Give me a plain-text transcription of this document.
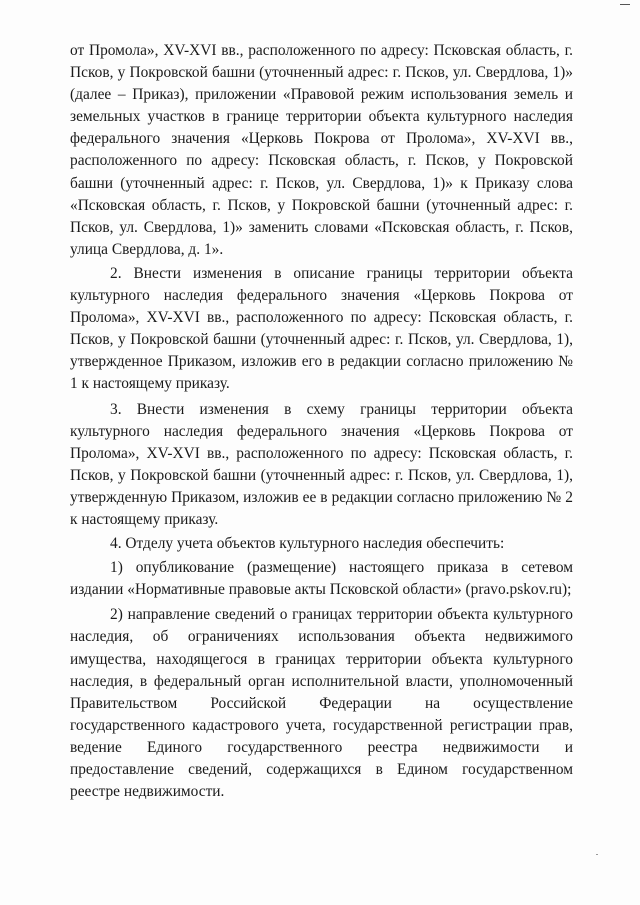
от Промола», XV-XVI вв., расположенного по адресу: Псковская область, г. Псков, у Покровской башни (уточненный адрес: г. Псков, ул. Свердлова, 1)» (далее – Приказ), приложении «Правовой режим использования земель и земельных участков в границе территории объекта культурного наследия федерального значения «Церковь Покрова от Пролома», XV-XVI вв., расположенного по адресу: Псковская область, г. Псков, у Покровской башни (уточненный адрес: г. Псков, ул. Свердлова, 1)» к Приказу слова «Псковская область, г. Псков, у Покровской башни (уточненный адрес: г. Псков, ул. Свердлова, 1)» заменить словами «Псковская область, г. Псков, улица Свердлова, д. 1».

2. Внести изменения в описание границы территории объекта культурного наследия федерального значения «Церковь Покрова от Пролома», XV-XVI вв., расположенного по адресу: Псковская область, г. Псков, у Покровской башни (уточненный адрес: г. Псков, ул. Свердлова, 1), утвержденное Приказом, изложив его в редакции согласно приложению № 1 к настоящему приказу.

3. Внести изменения в схему границы территории объекта культурного наследия федерального значения «Церковь Покрова от Пролома», XV-XVI вв., расположенного по адресу: Псковская область, г. Псков, у Покровской башни (уточненный адрес: г. Псков, ул. Свердлова, 1), утвержденную Приказом, изложив ее в редакции согласно приложению № 2 к настоящему приказу.

4. Отделу учета объектов культурного наследия обеспечить:

1) опубликование (размещение) настоящего приказа в сетевом издании «Нормативные правовые акты Псковской области» (pravo.pskov.ru);

2) направление сведений о границах территории объекта культурного наследия, об ограничениях использования объекта недвижимого имущества, находящегося в границах территории объекта культурного наследия, в федеральный орган исполнительной власти, уполномоченный Правительством Российской Федерации на осуществление государственного кадастрового учета, государственной регистрации прав, ведение Единого государственного реестра недвижимости и предоставление сведений, содержащихся в Едином государственном реестре недвижимости.
